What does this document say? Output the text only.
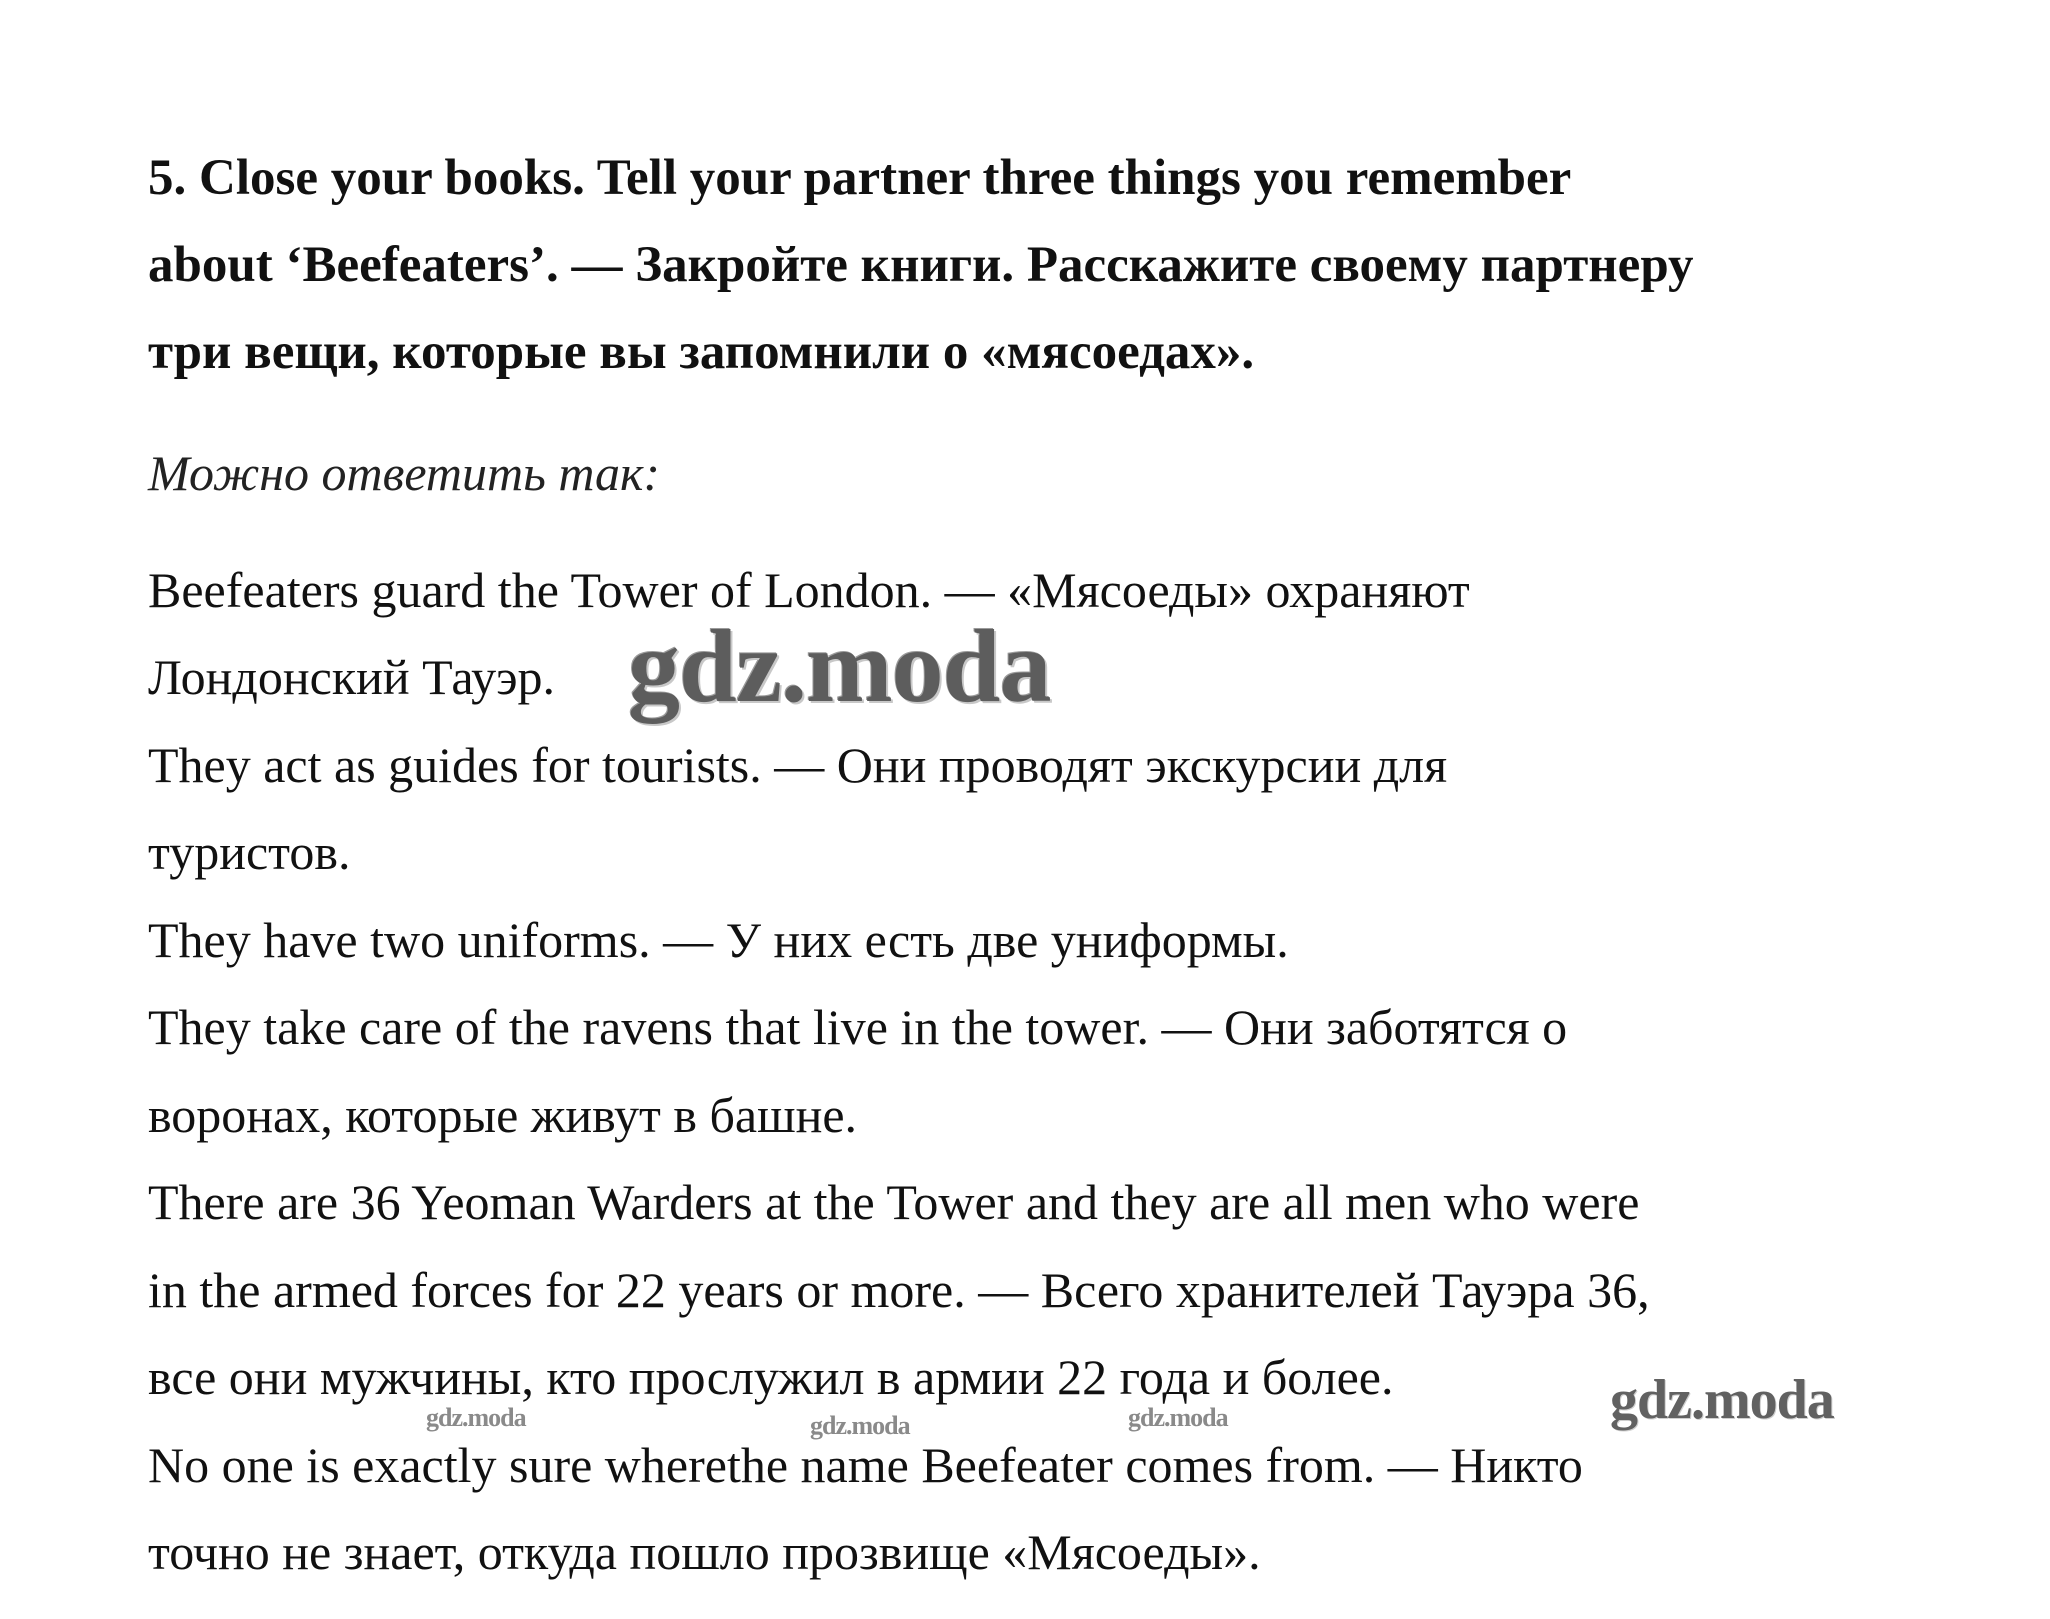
5. Close your books. Tell your partner three things you remember
about ‘Beefeaters’. — Закройте книги. Расскажите своему партнеру
три вещи, которые вы запомнили о «мясоедах».
Можно ответить так:
Beefeaters guard the Tower of London. — «Мясоеды» охраняют
Лондонский Тауэр.
They act as guides for tourists. — Они проводят экскурсии для
туристов.
They have two uniforms. — У них есть две униформы.
They take care of the ravens that live in the tower. — Они заботятся о
воронах, которые живут в башне.
There are 36 Yeoman Warders at the Tower and they are all men who were
in the armed forces for 22 years or more. — Всего хранителей Тауэра 36,
все они мужчины, кто прослужил в армии 22 года и более.
No one is exactly sure wherethe name Beefeater comes from. — Никто
точно не знает, откуда пошло прозвище «Мясоеды».
gdz.moda
gdz.moda
gdz.moda	gdz.moda	gdz.moda
